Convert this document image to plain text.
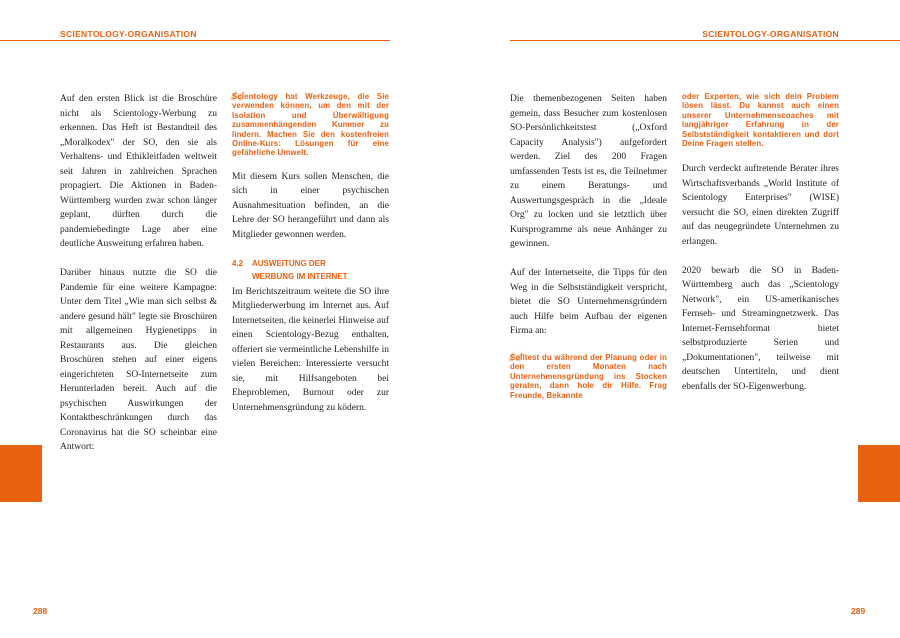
SCIENTOLOGY-ORGANISATION

Auf den ersten Blick ist die Broschüre nicht als Scientology-Werbung zu erkennen. Das Heft ist Bestandteil des „Moralkodex" der SO, den sie als Verhaltens- und Ethikleitfaden weltweit seit Jahren in zahlreichen Sprachen propagiert. Die Aktionen in Baden-Württemberg wurden zwar schon länger geplant, dürften durch die pandemiebedingte Lage aber eine deutliche Ausweitung erfahren haben.

Darüber hinaus nutzte die SO die Pandemie für eine weitere Kampagne: Unter dem Titel „Wie man sich selbst & andere gesund hält" legte sie Broschüren mit allgemeinen Hygienetipps in Restaurants aus. Die gleichen Broschüren stehen auf einer eigens eingerichteten SO-Internetseite zum Herunterladen bereit. Auch auf die psychischen Auswirkungen der Kontaktbeschränkungen durch das Coronavirus hat die SO scheinbar eine Antwort:

“
Scientology hat Werkzeuge, die Sie verwenden können, um den mit der Isolation und Überwältigung zusammenhängenden Kummer zu lindern. Machen Sie den kostenfreien Online-Kurs: Lösungen für eine gefährliche Umwelt.

Mit diesem Kurs sollen Menschen, die sich in einer psychischen Ausnahmesituation befinden, an die Lehre der SO herangeführt und dann als Mitglieder gewonnen werden.

4.2 AUSWEITUNG DER
WERBUNG IM INTERNET

Im Berichtszeitraum weitete die SO ihre Mitgliederwerbung im Internet aus. Auf Internetseiten, die keinerlei Hinweise auf einen Scientology-Bezug enthalten, offeriert sie vermeintliche Lebenshilfe in vielen Bereichen: Interessierte versucht sie, mit Hilfsangeboten bei Eheproblemen, Burnout oder zur Unternehmensgründung zu ködern.

288
SCIENTOLOGY-ORGANISATION

Die themenbezogenen Seiten haben gemein, dass Besucher zum kostenlosen SO-Persönlichkeitstest („Oxford Capacity Analysis") aufgefordert werden. Ziel des 200 Fragen umfassenden Tests ist es, die Teilnehmer zu einem Beratungs- und Auswertungsgespräch in die „Ideale Org" zu locken und sie letztlich über Kursprogramme als neue Anhänger zu gewinnen.

Auf der Internetseite, die Tipps für den Weg in die Selbstständigkeit verspricht, bietet die SO Unternehmensgründern auch Hilfe beim Aufbau der eigenen Firma an:

“
Solltest du während der Planung oder in den ersten Monaten nach Unternehmensgründung ins Stocken geraten, dann hole dir Hilfe. Frag Freunde, Bekannte
oder Experten, wie sich dein Problem lösen lässt. Du kannst auch einen unserer Unternehmenscoaches mit langjähriger Erfahrung in der Selbstständigkeit kontaktieren und dort Deine Fragen stellen.

Durch verdeckt auftretende Berater ihres Wirtschaftsverbands „World Institute of Scientology Enterprises" (WISE) versucht die SO, einen direkten Zugriff auf das neugegründete Unternehmen zu erlangen.

2020 bewarb die SO in Baden-Württemberg auch das „Scientology Network", ein US-amerikanisches Fernseh- und Streamingnetzwerk. Das Internet-Fernsehformat bietet selbstproduzierte Serien und „Dokumentationen", teilweise mit deutschen Untertiteln, und dient ebenfalls der SO-Eigenwerbung.

289
